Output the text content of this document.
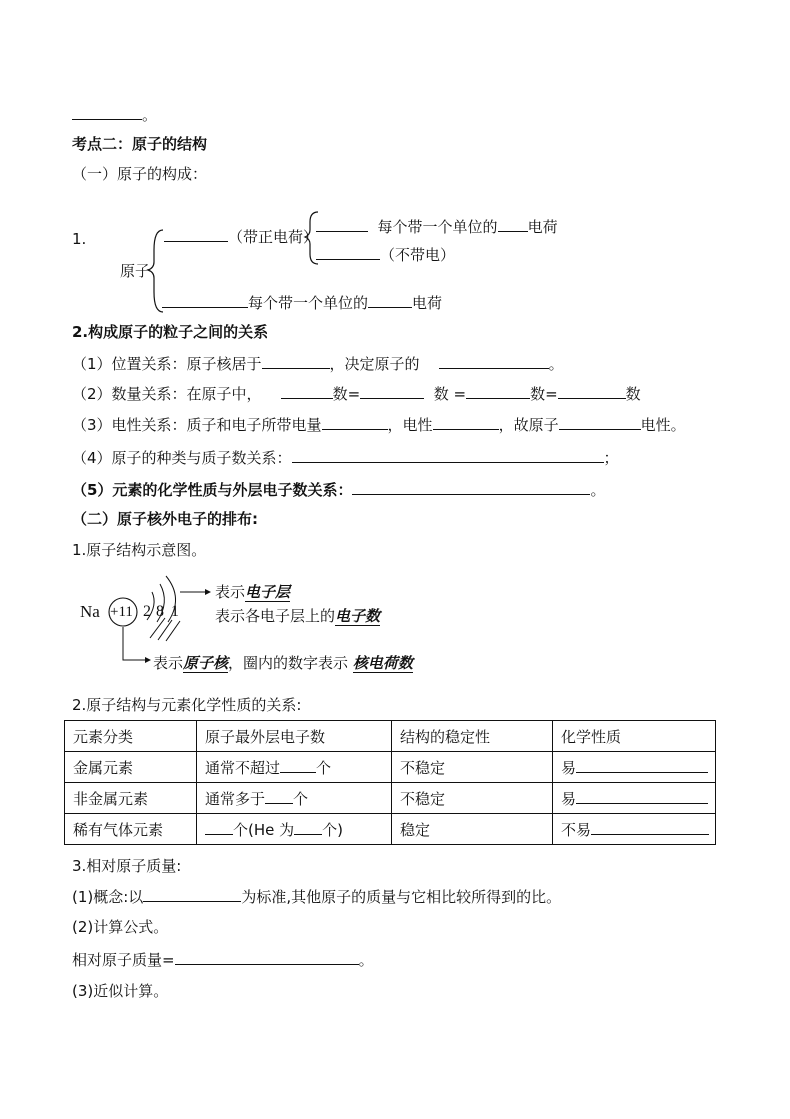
。
考点二：原子的结构
（一）原子的构成：
1.
原子
（带正电荷）
每个带一个单位的 电荷
（不带电）
每个带一个单位的	电荷
2.构成原子的粒子之间的关系
（1）位置关系：原子核居于	，决定原子的	。
（2）数量关系：在原子中，	数=	数 =	数=	数
（3）电性关系：质子和电子所带电量	，电性	，故原子	电性。
（4）原子的种类与质子数关系：	；
（5）元素的化学性质与外层电子数关系：	。
（二）原子核外电子的排布:
1.原子结构示意图。
Na +11 2 8 1
表示电子层
表示各电子层上的电子数
表示原子核，圈内的数字表示 核电荷数
2.原子结构与元素化学性质的关系:
元素分类	原子最外层电子数	结构的稳定性	化学性质
金属元素	通常不超过 个	不稳定	易
非金属元素	通常多于 个	不稳定	易
稀有气体元素	个(He 为 个)	稳定	不易
3.相对原子质量:
(1)概念:以	为标准,其他原子的质量与它相比较所得到的比。
(2)计算公式。
相对原子质量=	。
(3)近似计算。
